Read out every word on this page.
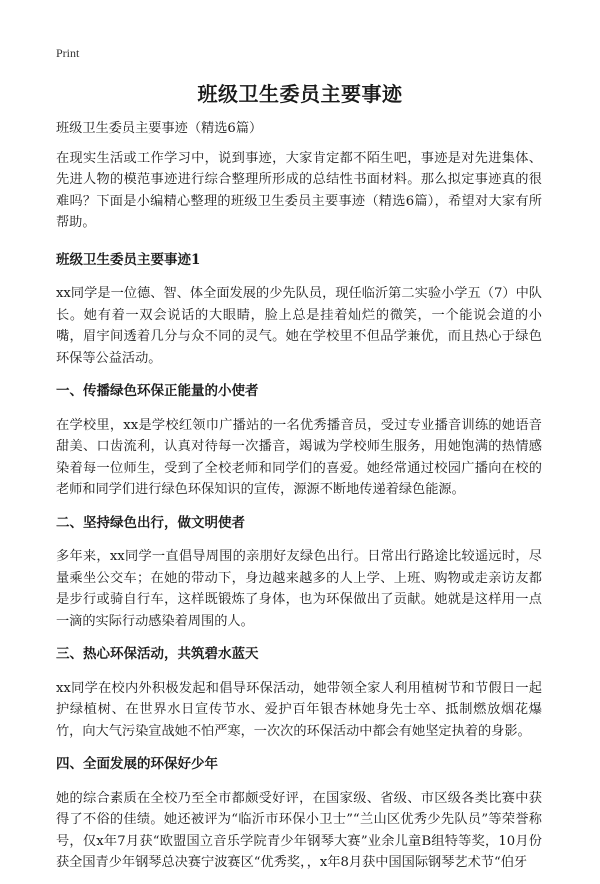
Print
班级卫生委员主要事迹
班级卫生委员主要事迹（精选6篇）

在现实生活或工作学习中，说到事迹，大家肯定都不陌生吧，事迹是对先进集体、先进人物的模范事迹进行综合整理所形成的总结性书面材料。那么拟定事迹真的很难吗？下面是小编精心整理的班级卫生委员主要事迹（精选6篇），希望对大家有所帮助。

班级卫生委员主要事迹1

xx同学是一位德、智、体全面发展的少先队员，现任临沂第二实验小学五（7）中队长。她有着一双会说话的大眼睛，脸上总是挂着灿烂的微笑，一个能说会道的小嘴，眉宇间透着几分与众不同的灵气。她在学校里不但品学兼优，而且热心于绿色环保等公益活动。

一、传播绿色环保正能量的小使者

在学校里，xx是学校红领巾广播站的一名优秀播音员，受过专业播音训练的她语音甜美、口齿流利，认真对待每一次播音，竭诚为学校师生服务，用她饱满的热情感染着每一位师生，受到了全校老师和同学们的喜爱。她经常通过校园广播向在校的老师和同学们进行绿色环保知识的宣传，源源不断地传递着绿色能源。

二、坚持绿色出行，做文明使者

多年来，xx同学一直倡导周围的亲朋好友绿色出行。日常出行路途比较遥远时，尽量乘坐公交车；在她的带动下，身边越来越多的人上学、上班、购物或走亲访友都是步行或骑自行车，这样既锻炼了身体，也为环保做出了贡献。她就是这样用一点一滴的实际行动感染着周围的人。

三、热心环保活动，共筑碧水蓝天

xx同学在校内外积极发起和倡导环保活动，她带领全家人利用植树节和节假日一起护绿植树、在世界水日宣传节水、爱护百年银杏林她身先士卒、抵制燃放烟花爆竹，向大气污染宣战她不怕严寒，一次次的环保活动中都会有她坚定执着的身影。

四、全面发展的环保好少年

她的综合素质在全校乃至全市都颇受好评，在国家级、省级、市区级各类比赛中获得了不俗的佳绩。她还被评为“临沂市环保小卫士”“兰山区优秀少先队员”等荣誉称号，仅x年7月获“欧盟国立音乐学院青少年钢琴大赛”业余儿童B组特等奖，10月份获全国青少年钢琴总决赛宁波赛区“优秀奖，，x年8月获中国国际钢琴艺术节“伯牙
